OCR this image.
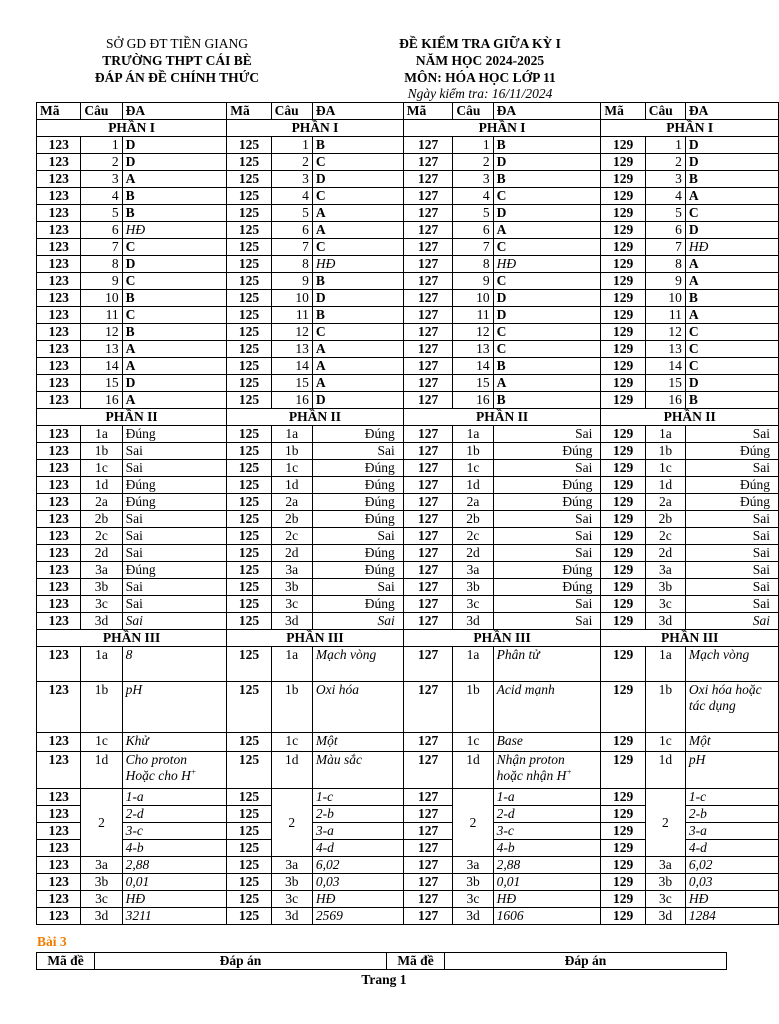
SỞ GD ĐT TIỀN GIANG
TRƯỜNG THPT CÁI BÈ
ĐÁP ÁN ĐỀ CHÍNH THỨC
ĐỀ KIỂM TRA GIỮA KỲ I
NĂM HỌC 2024-2025
MÔN: HÓA HỌC LỚP 11
Ngày kiểm tra: 16/11/2024
Mã	Câu	ĐA	Mã	Câu	ĐA	Mã	Câu	ĐA	Mã	Câu	ĐA
PHẦN I			PHẦN I			PHẦN I			PHẦN I		
123	1	D	125	1	B	127	1	B	129	1	D
123	2	D	125	2	C	127	2	D	129	2	D
123	3	A	125	3	D	127	3	B	129	3	B
123	4	B	125	4	C	127	4	C	129	4	A
123	5	B	125	5	A	127	5	D	129	5	C
123	6	HĐ	125	6	A	127	6	A	129	6	D
123	7	C	125	7	C	127	7	C	129	7	HĐ
123	8	D	125	8	HĐ	127	8	HĐ	129	8	A
123	9	C	125	9	B	127	9	C	129	9	A
123	10	B	125	10	D	127	10	D	129	10	B
123	11	C	125	11	B	127	11	D	129	11	A
123	12	B	125	12	C	127	12	C	129	12	C
123	13	A	125	13	A	127	13	C	129	13	C
123	14	A	125	14	A	127	14	B	129	14	C
123	15	D	125	15	A	127	15	A	129	15	D
123	16	A	125	16	D	127	16	B	129	16	B
PHẦN II			PHẦN II			PHẦN II			PHẦN II		
123	1a	Đúng	125	1a	Đúng	127	1a	Sai	129	1a	Sai
123	1b	Sai	125	1b	Sai	127	1b	Đúng	129	1b	Đúng
123	1c	Sai	125	1c	Đúng	127	1c	Sai	129	1c	Sai
123	1d	Đúng	125	1d	Đúng	127	1d	Đúng	129	1d	Đúng
123	2a	Đúng	125	2a	Đúng	127	2a	Đúng	129	2a	Đúng
123	2b	Sai	125	2b	Đúng	127	2b	Sai	129	2b	Sai
123	2c	Sai	125	2c	Sai	127	2c	Sai	129	2c	Sai
123	2d	Sai	125	2d	Đúng	127	2d	Sai	129	2d	Sai
123	3a	Đúng	125	3a	Đúng	127	3a	Đúng	129	3a	Sai
123	3b	Sai	125	3b	Sai	127	3b	Đúng	129	3b	Sai
123	3c	Sai	125	3c	Đúng	127	3c	Sai	129	3c	Sai
123	3d	Sai	125	3d	Sai	127	3d	Sai	129	3d	Sai
PHẦN III			PHẦN III			PHẦN III			PHẦN III		
123	1a	8	125	1a	Mạch vòng	127	1a	Phân tử	129	1a	Mạch vòng
123	1b	pH	125	1b	Oxi hóa	127	1b	Acid mạnh	129	1b	Oxi hóa hoặc tác dụng
123	1c	Khử	125	1c	Một	127	1c	Base	129	1c	Một
123	1d	Cho proton Hoặc cho H+	125	1d	Màu sắc	127	1d	Nhận proton hoặc nhận H+	129	1d	pH
123	2	1-a	125	2	1-c	127	2	1-a	129	2	1-c
123		2-d	125		2-b	127		2-d	129		2-b
123		3-c	125		3-a	127		3-c	129		3-a
123		4-b	125		4-d	127		4-b	129		4-d
123	3a	2,88	125	3a	6,02	127	3a	2,88	129	3a	6,02
123	3b	0,01	125	3b	0,03	127	3b	0,01	129	3b	0,03
123	3c	HĐ	125	3c	HĐ	127	3c	HĐ	129	3c	HĐ
123	3d	3211	125	3d	2569	127	3d	1606	129	3d	1284
Bài 3
Mã đề	Đáp án	Mã đề	Đáp án
Trang 1
